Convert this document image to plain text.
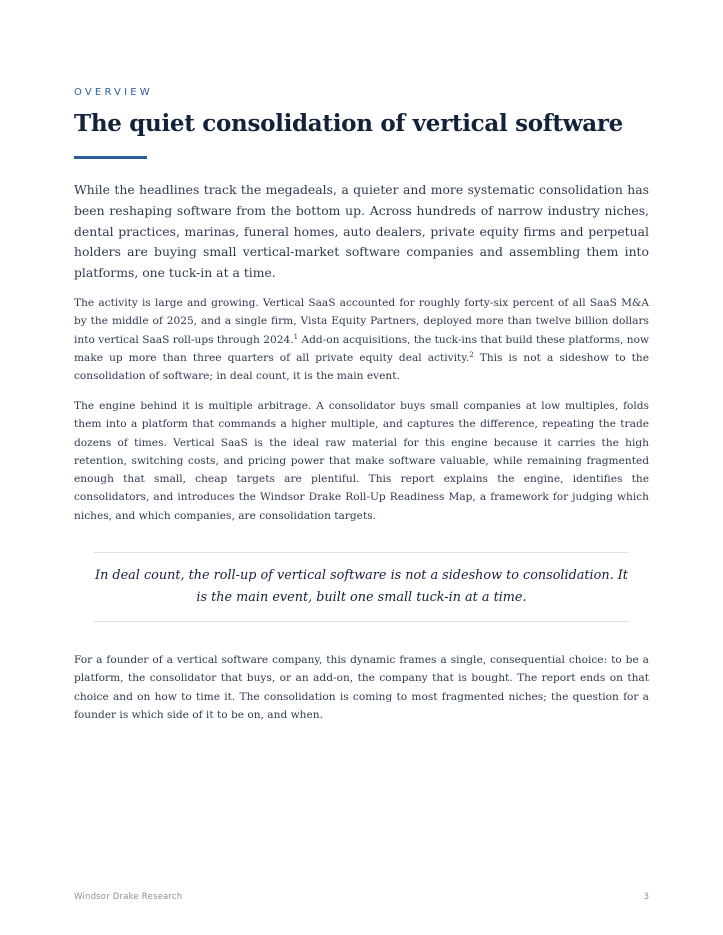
OVERVIEW
The quiet consolidation of vertical software

While the headlines track the megadeals, a quieter and more systematic consolidation has been reshaping software from the bottom up. Across hundreds of narrow industry niches, dental practices, marinas, funeral homes, auto dealers, private equity firms and perpetual holders are buying small vertical-market software companies and assembling them into platforms, one tuck-in at a time.

The activity is large and growing. Vertical SaaS accounted for roughly forty-six percent of all SaaS M&A by the middle of 2025, and a single firm, Vista Equity Partners, deployed more than twelve billion dollars into vertical SaaS roll-ups through 2024.$^1$ Add-on acquisitions, the tuck-ins that build these platforms, now make up more than three quarters of all private equity deal activity.$^2$ This is not a sideshow to the consolidation of software; in deal count, it is the main event.

The engine behind it is multiple arbitrage. A consolidator buys small companies at low multiples, folds them into a platform that commands a higher multiple, and captures the difference, repeating the trade dozens of times. Vertical SaaS is the ideal raw material for this engine because it carries the high retention, switching costs, and pricing power that make software valuable, while remaining fragmented enough that small, cheap targets are plentiful. This report explains the engine, identifies the consolidators, and introduces the Windsor Drake Roll-Up Readiness Map, a framework for judging which niches, and which companies, are consolidation targets.

In deal count, the roll-up of vertical software is not a sideshow to consolidation. It is the main event, built one small tuck-in at a time.

For a founder of a vertical software company, this dynamic frames a single, consequential choice: to be a platform, the consolidator that buys, or an add-on, the company that is bought. The report ends on that choice and on how to time it. The consolidation is coming to most fragmented niches; the question for a founder is which side of it to be on, and when.

Windsor Drake Research	3
